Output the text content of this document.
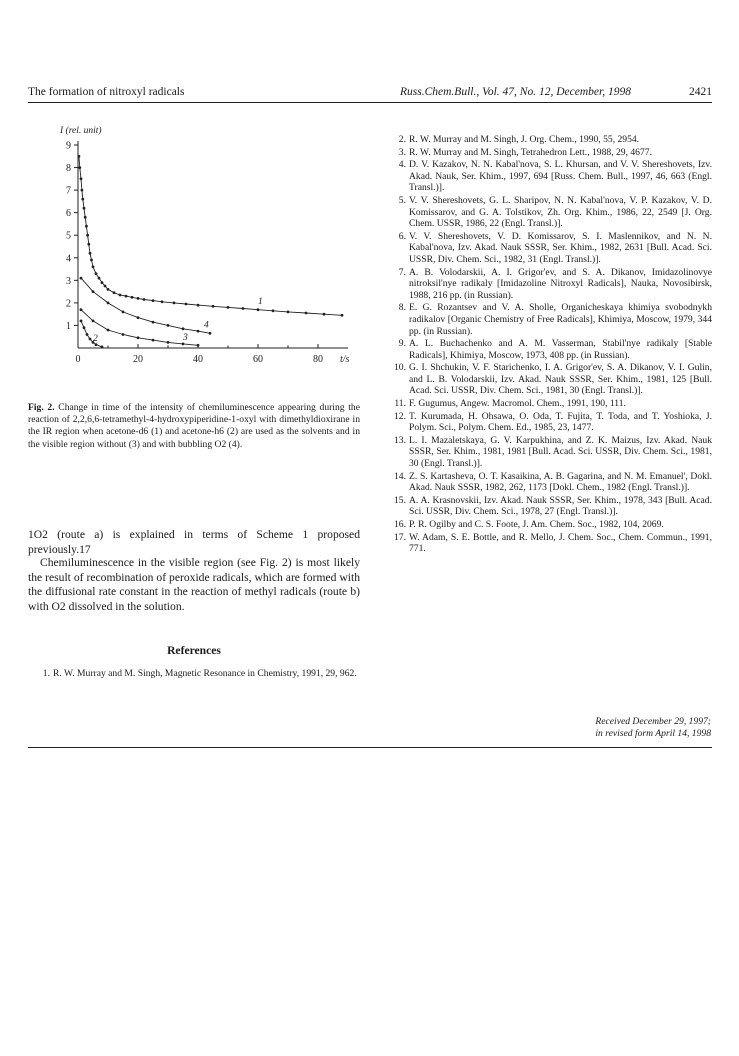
The formation of nitroxyl radicals	Russ.Chem.Bull., Vol. 47, No. 12, December, 1998	2421
I (rel. unit)
1
2
3
4
5
6
7
8
9
0	20	40	60	80 t/s
1
2	3
4
Fig. 2. Change in time of the intensity of chemiluminescence appearing during the reaction of 2,2,6,6-tetramethyl-4-hydroxypiperidine-1-oxyl with dimethyldioxirane in the IR region when acetone-d6 (1) and acetone-h6 (2) are used as the solvents and in the visible region without (3) and with bubbling O2 (4).
1O2 (route a) is explained in terms of Scheme 1 proposed previously.17
Chemiluminescence in the visible region (see Fig. 2) is most likely the result of recombination of peroxide radicals, which are formed with the diffusional rate constant in the reaction of methyl radicals (route b) with O2 dissolved in the solution.
References
1. R. W. Murray and M. Singh, Magnetic Resonance in Chemistry, 1991, 29, 962.
2. R. W. Murray and M. Singh, J. Org. Chem., 1990, 55, 2954.
3. R. W. Murray and M. Singh, Tetrahedron Lett., 1988, 29, 4677.
4. D. V. Kazakov, N. N. Kabal'nova, S. L. Khursan, and V. V. Shereshovets, Izv. Akad. Nauk, Ser. Khim., 1997, 694 [Russ. Chem. Bull., 1997, 46, 663 (Engl. Transl.)].
5. V. V. Shereshovets, G. L. Sharipov, N. N. Kabal'nova, V. P. Kazakov, V. D. Komissarov, and G. A. Tolstikov, Zh. Org. Khim., 1986, 22, 2549 [J. Org. Chem. USSR, 1986, 22 (Engl. Transl.)].
6. V. V. Shereshovets, V. D. Komissarov, S. I. Maslennikov, and N. N. Kabal'nova, Izv. Akad. Nauk SSSR, Ser. Khim., 1982, 2631 [Bull. Acad. Sci. USSR, Div. Chem. Sci., 1982, 31 (Engl. Transl.)].
7. A. B. Volodarskii, A. I. Grigor'ev, and S. A. Dikanov, Imidazolinovye nitroksil'nye radikaly [Imidazoline Nitroxyl Radicals], Nauka, Novosibirsk, 1988, 216 pp. (in Russian).
8. E. G. Rozantsev and V. A. Sholle, Organicheskaya khimiya svobodnykh radikalov [Organic Chemistry of Free Radicals], Khimiya, Moscow, 1979, 344 pp. (in Russian).
9. A. L. Buchachenko and A. M. Vasserman, Stabil'nye radikaly [Stable Radicals], Khimiya, Moscow, 1973, 408 pp. (in Russian).
10. G. I. Shchukin, V. F. Starichenko, I. A. Grigor'ev, S. A. Dikanov, V. I. Gulin, and L. B. Volodarskii, Izv. Akad. Nauk SSSR, Ser. Khim., 1981, 125 [Bull. Acad. Sci. USSR, Div. Chem. Sci., 1981, 30 (Engl. Transl.)].
11. F. Gugumus, Angew. Macromol. Chem., 1991, 190, 111.
12. T. Kurumada, H. Ohsawa, O. Oda, T. Fujita, T. Toda, and T. Yoshioka, J. Polym. Sci., Polym. Chem. Ed., 1985, 23, 1477.
13. L. I. Mazaletskaya, G. V. Karpukhina, and Z. K. Maizus, Izv. Akad. Nauk SSSR, Ser. Khim., 1981, 1981 [Bull. Acad. Sci. USSR, Div. Chem. Sci., 1981, 30 (Engl. Transl.)].
14. Z. S. Kartasheva, O. T. Kasaikina, A. B. Gagarina, and N. M. Emanuel', Dokl. Akad. Nauk SSSR, 1982, 262, 1173 [Dokl. Chem., 1982 (Engl. Transl.)].
15. A. A. Krasnovskii, Izv. Akad. Nauk SSSR, Ser. Khim., 1978, 343 [Bull. Acad. Sci. USSR, Div. Chem. Sci., 1978, 27 (Engl. Transl.)].
16. P. R. Ogilby and C. S. Foote, J. Am. Chem. Soc., 1982, 104, 2069.
17. W. Adam, S. E. Bottle, and R. Mello, J. Chem. Soc., Chem. Commun., 1991, 771.
Received December 29, 1997;
in revised form April 14, 1998
